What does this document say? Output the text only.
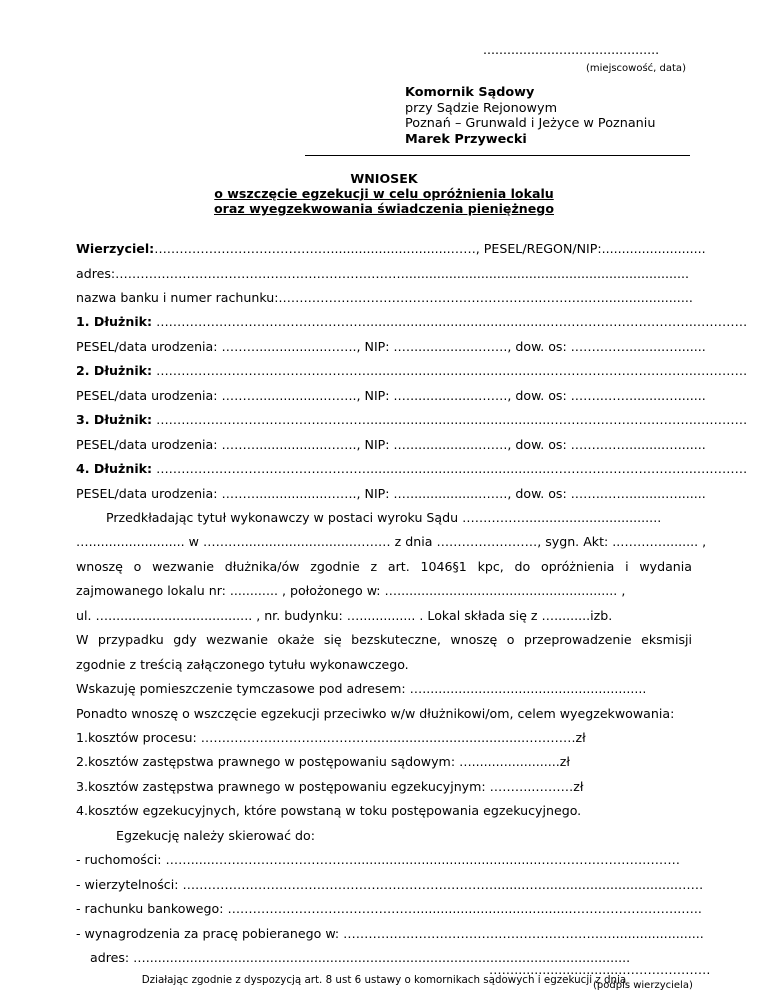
............................................
(miejscowość, data)
Komornik Sądowy
przy Sądzie Rejonowym
Poznań – Grunwald i Jeżyce w Poznaniu
Marek Przywecki
WNIOSEK
o wszczęcie egzekucji w celu opróżnienia lokalu
oraz wyegzekwowania świadczenia pieniężnego
Wierzyciel:……………………………………..............................……, PESEL/REGON/NIP:..........................
adres:…………………………………………………………….......................................................................
nazwa banku i numer rachunku:.……………………………………………………..………..….......................
1. Dłużnik: …………………………………………….............................................……………………………..…………
PESEL/data urodzenia: ……….................……., NIP: .….................……., dow. os: .…….…….........….......
2. Dłużnik: …………………………………………….............................................……………………………..…………
PESEL/data urodzenia: ……….................……., NIP: .….................……., dow. os: .…….…….........….......
3. Dłużnik: …………………………………………….............................................……………………………..…………
PESEL/data urodzenia: ……….................……., NIP: .….................……., dow. os: .…….…….........….......
4. Dłużnik: …………………………………………….............................................……………………………..…………
PESEL/data urodzenia: ……….................……., NIP: .….................……., dow. os: .…….…….........….......
Przedkładając tytuł wykonawczy w postaci wyroku Sądu ……………..................................
…........................ w ………............................……… z dnia ……………………, sygn. Akt: ..…….…......... ,
wnoszę o wezwanie dłużnika/ów zgodnie z art. 1046§1 kpc, do opróżnienia i wydania
zajmowanego lokalu nr: ............ , położonego w: …....................................................... ,
ul. ….................................... , nr. budynku: ….............. . Lokal składa się z ….........izb.
W przypadku gdy wezwanie okaże się bezskuteczne, wnoszę o przeprowadzenie eksmisji
zgodnie z treścią załączonego tytułu wykonawczego.
Wskazuję pomieszczenie tymczasowe pod adresem: …........................................................
Ponadto wnoszę o wszczęcie egzekucji przeciwko w/w dłużnikowi/om, celem wyegzekwowania:
1.kosztów procesu: …………………………………….....................................…………zł
2.kosztów zastępstwa prawnego w postępowaniu sądowym: …......................zł
3.kosztów zastępstwa prawnego w postępowaniu egzekucyjnym: ………..………zł
4.kosztów egzekucyjnych, które powstaną w toku postępowania egzekucyjnego.
Egzekucję należy skierować do:
- ruchomości: ……......……………………………...............................................……………………………
- wierzytelności: ………………………………………………………………….......…...................................……
- rachunku bankowego: ……………………………………….......................................……………………..…..
- wynagrodzenia za pracę pobieranego w: …………….………………………………………….......................
adres: ….........................................................................................................................
……...........................…………………
(podpis wierzyciela)
Działając zgodnie z dyspozycją art. 8 ust 6 ustawy o komornikach sądowych i egzekucji z dnia
